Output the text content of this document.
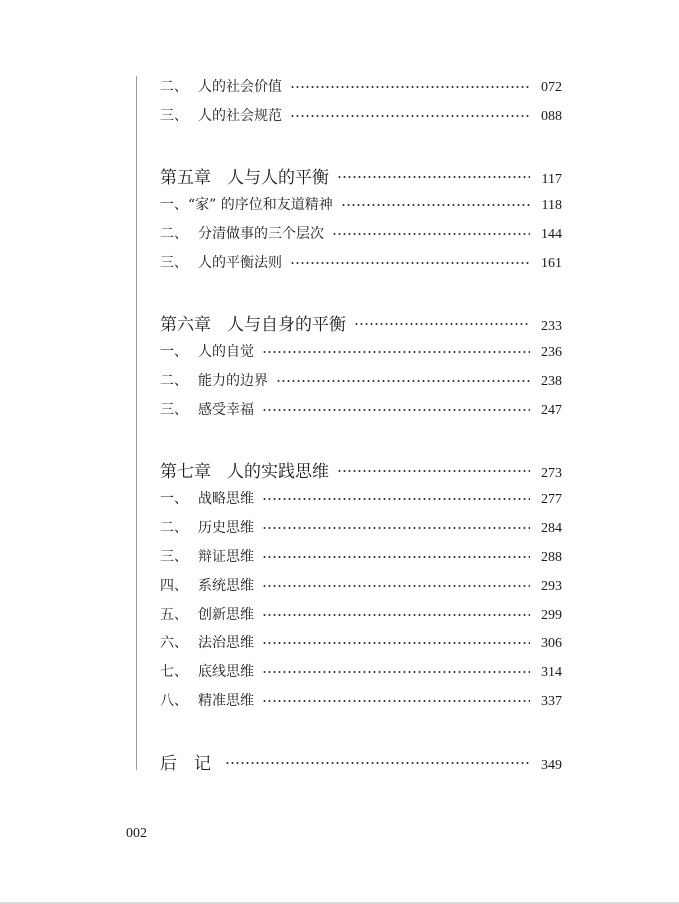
二、 人的社会价值	072
三、 人的社会规范	088
第五章 人与人的平衡	117
一、 “家” 的序位和友道精神	118
二、 分清做事的三个层次	144
三、 人的平衡法则	161
第六章 人与自身的平衡	233
一、 人的自觉	236
二、 能力的边界	238
三、 感受幸福	247
第七章 人的实践思维	273
一、 战略思维	277
二、 历史思维	284
三、 辩证思维	288
四、 系统思维	293
五、 创新思维	299
六、 法治思维	306
七、 底线思维	314
八、 精准思维	337
后　记	349
002
